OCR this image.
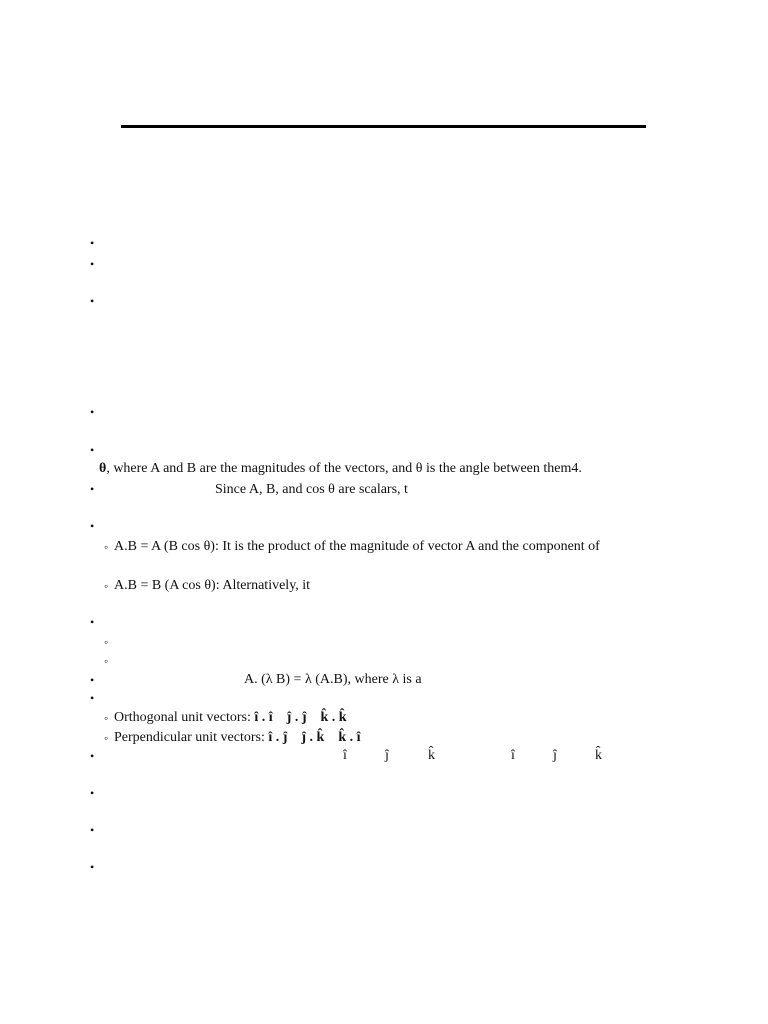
•
•
•
•
•
θ, where A and B are the magnitudes of the vectors, and θ is the angle between them4.
•	Since A, B, and cos θ are scalars, t
•
◦ A.B = A (B cos θ): It is the product of the magnitude of vector A and the component of
◦ A.B = B (A cos θ): Alternatively, it
•
◦
◦
•	A. (λ B) = λ (A.B), where λ is a
•
◦ Orthogonal unit vectors: î . î    ĵ . ĵ    k̂ . k̂
◦ Perpendicular unit vectors: î . ĵ    ĵ . k̂    k̂ . î
•	î	ĵ	k̂	î	ĵ	k̂
•
•
•
